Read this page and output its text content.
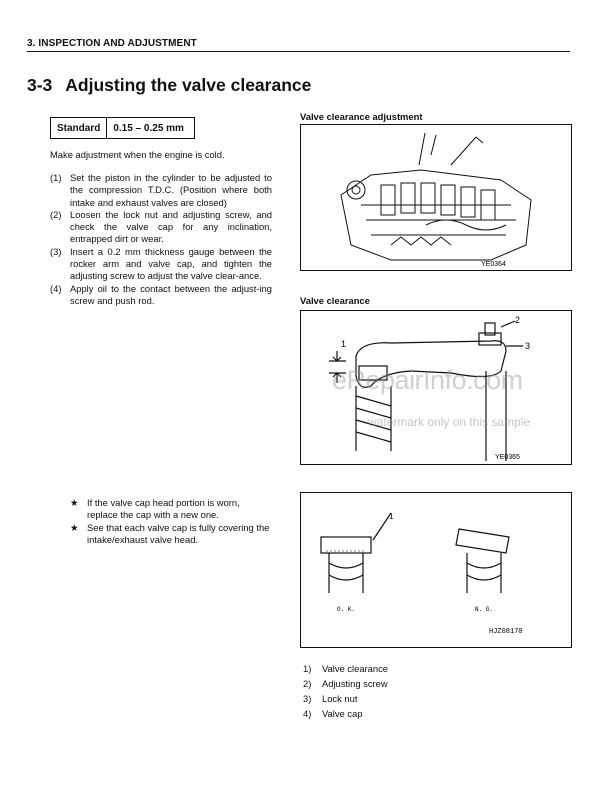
3. INSPECTION AND ADJUSTMENT
3-3 Adjusting the valve clearance
Standard	0.15 – 0.25 mm
Make adjustment when the engine is cold.
(1) Set the piston in the cylinder to be adjusted to the compression T.D.C. (Position where both intake and exhaust valves are closed)
(2) Loosen the lock nut and adjusting screw, and check the valve cap for any inclination, entrapped dirt or wear.
(3) Insert a 0.2 mm thickness gauge between the rocker arm and valve cap, and tighten the adjusting screw to adjust the valve clear-ance.
(4) Apply oil to the contact between the adjust-ing screw and push rod.
★ If the valve cap head portion is worn, replace the cap with a new one.
★ See that each valve cap is fully covering the intake/exhaust valve head.
Valve clearance adjustment
YE0364
Valve clearance
2
3
1
YE0365
1
O. K.	N. G.
HJZ08170
1)	Valve clearance
2)	Adjusting screw
3)	Lock nut
4)	Valve cap
eRepairInfo.com
watermark only on this sample
